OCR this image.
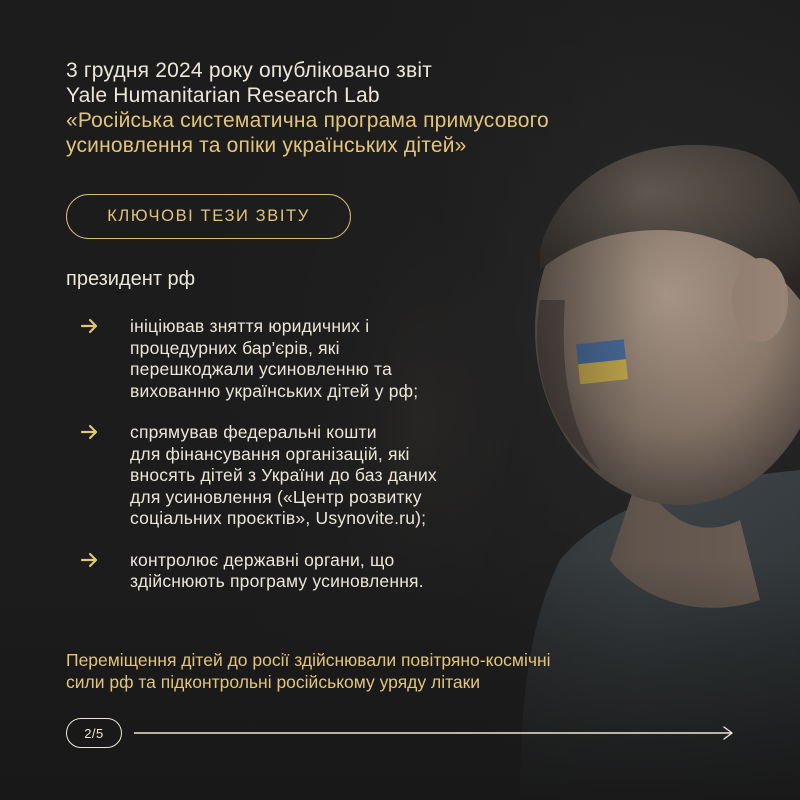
3 грудня 2024 року опубліковано звіт
Yale Humanitarian Research Lab
«Російська систематична програма примусового
усиновлення та опіки українських дітей»
КЛЮЧОВІ ТЕЗИ ЗВІТУ
президент рф
ініціював зняття юридичних і
процедурних бар'єрів, які
перешкоджали усиновленню та
вихованню українських дітей у рф;
спрямував федеральні кошти
для фінансування організацій, які
вносять дітей з України до баз даних
для усиновлення («Центр розвитку
соціальних проєктів», Usynovite.ru);
контролює державні органи, що
здійснюють програму усиновлення.
Переміщення дітей до росії здійснювали повітряно-космічні
сили рф та підконтрольні російському уряду літаки
2/5
